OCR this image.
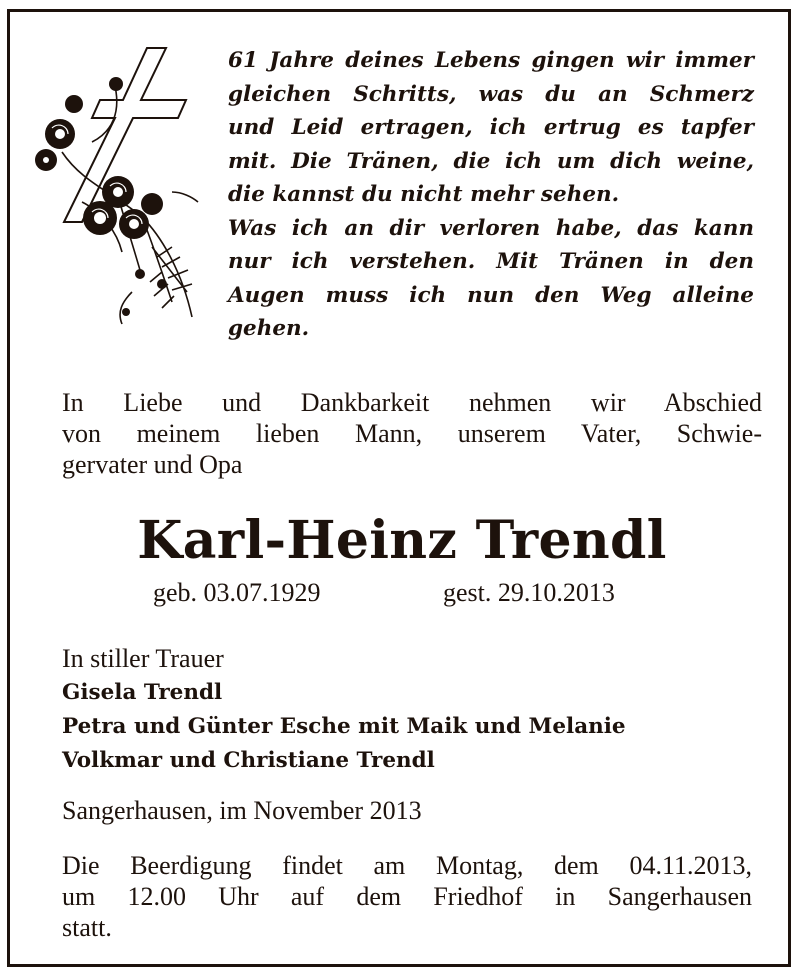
61 Jahre deines Lebens gingen wir immer
gleichen Schritts, was du an Schmerz
und Leid ertragen, ich ertrug es tapfer
mit. Die Tränen, die ich um dich weine,
die kannst du nicht mehr sehen.
Was ich an dir verloren habe, das kann
nur ich verstehen. Mit Tränen in den
Augen muss ich nun den Weg alleine
gehen.
In Liebe und Dankbarkeit nehmen wir Abschied
von meinem lieben Mann, unserem Vater, Schwie-
gervater und Opa
Karl-Heinz Trendl
geb. 03.07.1929	gest. 29.10.2013
In stiller Trauer
Gisela Trendl
Petra und Günter Esche mit Maik und Melanie
Volkmar und Christiane Trendl
Sangerhausen, im November 2013
Die Beerdigung findet am Montag, dem 04.11.2013,
um 12.00 Uhr auf dem Friedhof in Sangerhausen
statt.
